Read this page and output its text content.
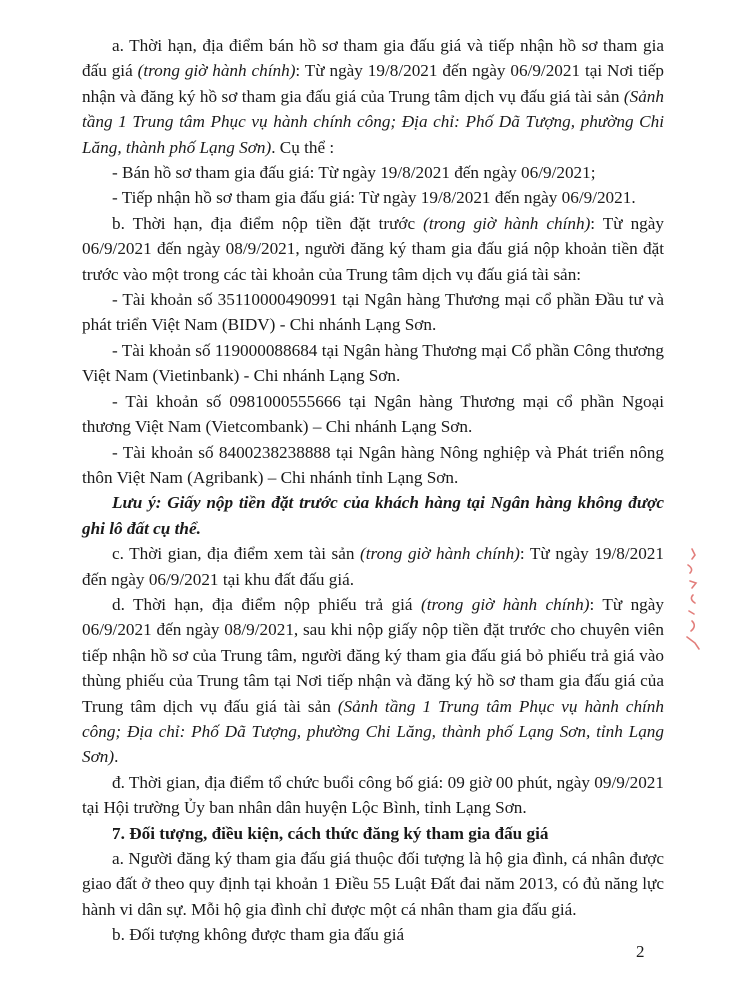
a. Thời hạn, địa điểm bán hồ sơ tham gia đấu giá và tiếp nhận hồ sơ tham gia đấu giá (trong giờ hành chính): Từ ngày 19/8/2021 đến ngày 06/9/2021 tại Nơi tiếp nhận và đăng ký hồ sơ tham gia đấu giá của Trung tâm dịch vụ đấu giá tài sản (Sảnh tầng 1 Trung tâm Phục vụ hành chính công; Địa chỉ: Phố Dã Tượng, phường Chi Lăng, thành phố Lạng Sơn). Cụ thể :

- Bán hồ sơ tham gia đấu giá: Từ ngày 19/8/2021 đến ngày 06/9/2021;

- Tiếp nhận hồ sơ tham gia đấu giá: Từ ngày 19/8/2021 đến ngày 06/9/2021.

b. Thời hạn, địa điểm nộp tiền đặt trước (trong giờ hành chính): Từ ngày 06/9/2021 đến ngày 08/9/2021, người đăng ký tham gia đấu giá nộp khoản tiền đặt trước vào một trong các tài khoản của Trung tâm dịch vụ đấu giá tài sản:

- Tài khoản số 35110000490991 tại Ngân hàng Thương mại cổ phần Đầu tư và phát triển Việt Nam (BIDV) - Chi nhánh Lạng Sơn.

- Tài khoản số 119000088684 tại Ngân hàng Thương mại Cổ phần Công thương Việt Nam (Vietinbank) - Chi nhánh Lạng Sơn.

- Tài khoản số 0981000555666 tại Ngân hàng Thương mại cổ phần Ngoại thương Việt Nam (Vietcombank) – Chi nhánh Lạng Sơn.

- Tài khoản số 8400238238888 tại Ngân hàng Nông nghiệp và Phát triển nông thôn Việt Nam (Agribank) – Chi nhánh tỉnh Lạng Sơn.

Lưu ý: Giấy nộp tiền đặt trước của khách hàng tại Ngân hàng không được ghi lô đất cụ thể.

c. Thời gian, địa điểm xem tài sản (trong giờ hành chính): Từ ngày 19/8/2021 đến ngày 06/9/2021 tại khu đất đấu giá.

d. Thời hạn, địa điểm nộp phiếu trả giá (trong giờ hành chính): Từ ngày 06/9/2021 đến ngày 08/9/2021, sau khi nộp giấy nộp tiền đặt trước cho chuyên viên tiếp nhận hồ sơ của Trung tâm, người đăng ký tham gia đấu giá bỏ phiếu trả giá vào thùng phiếu của Trung tâm tại Nơi tiếp nhận và đăng ký hồ sơ tham gia đấu giá của Trung tâm dịch vụ đấu giá tài sản (Sảnh tầng 1 Trung tâm Phục vụ hành chính công; Địa chỉ: Phố Dã Tượng, phường Chi Lăng, thành phố Lạng Sơn, tỉnh Lạng Sơn).

đ. Thời gian, địa điểm tổ chức buổi công bố giá: 09 giờ 00 phút, ngày 09/9/2021 tại Hội trường Ủy ban nhân dân huyện Lộc Bình, tỉnh Lạng Sơn.

7. Đối tượng, điều kiện, cách thức đăng ký tham gia đấu giá

a. Người đăng ký tham gia đấu giá thuộc đối tượng là hộ gia đình, cá nhân được giao đất ở theo quy định tại khoản 1 Điều 55 Luật Đất đai năm 2013, có đủ năng lực hành vi dân sự. Mỗi hộ gia đình chỉ được một cá nhân tham gia đấu giá.

b. Đối tượng không được tham gia đấu giá

2
